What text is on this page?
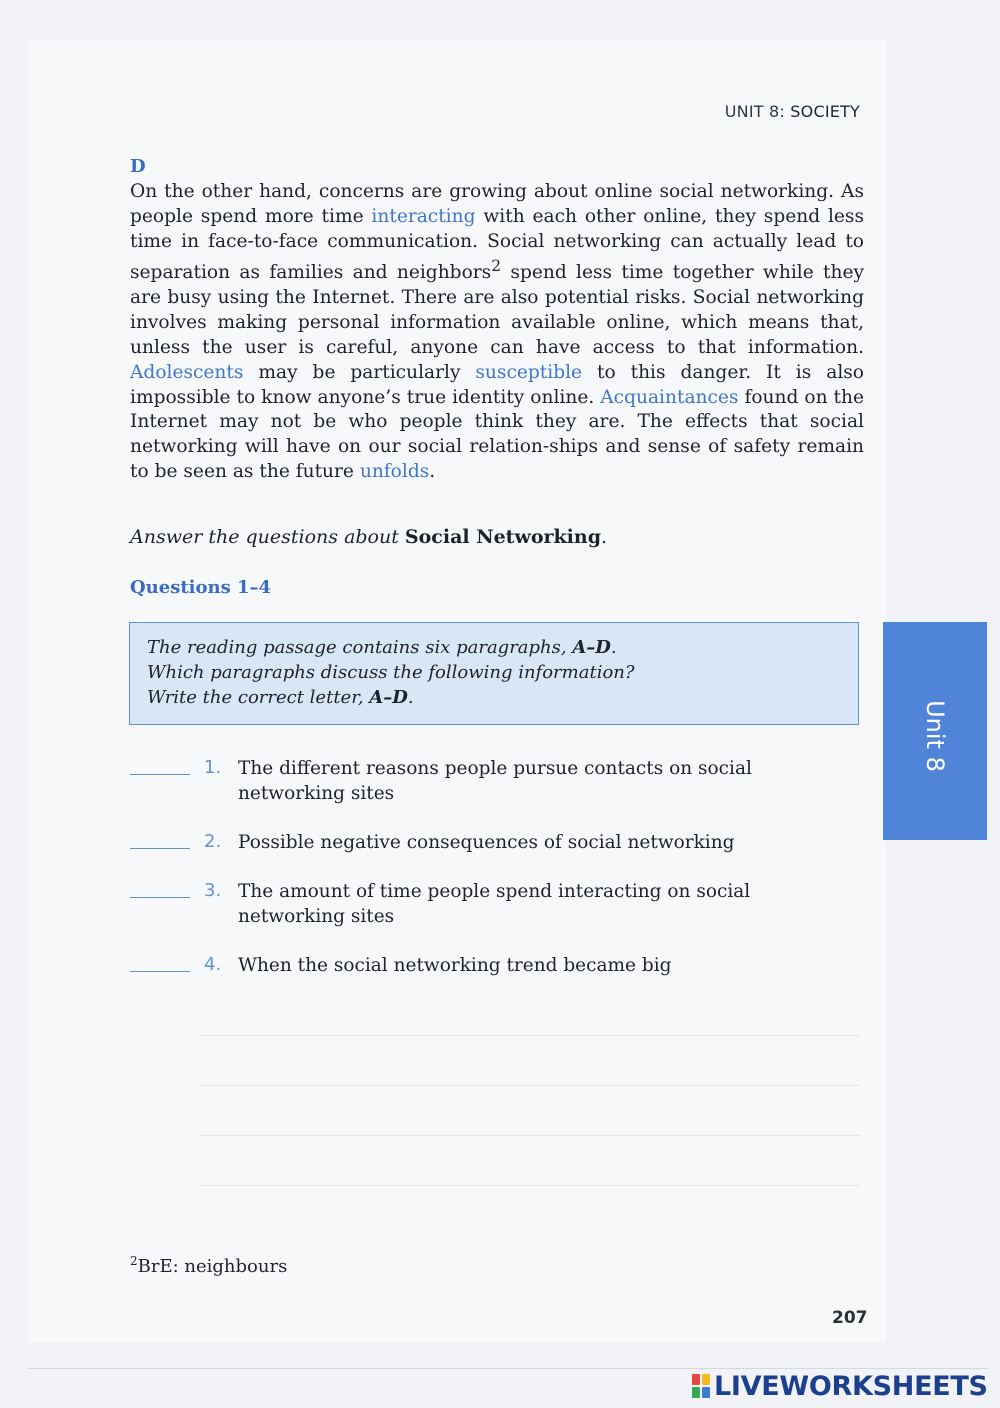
UNIT 8: SOCIETY
D
On the other hand, concerns are growing about online social networking. As people spend more time interacting with each other online, they spend less time in face-to-face communication. Social networking can actually lead to separation as families and neighbors$^2$ spend less time together while they are busy using the Internet. There are also potential risks. Social networking involves making personal information available online, which means that, unless the user is careful, anyone can have access to that information. Adolescents may be particularly susceptible to this danger. It is also impossible to know anyone’s true identity online. Acquaintances found on the Internet may not be who people think they are. The effects that social networking will have on our social relation-ships and sense of safety remain to be seen as the future unfolds.
Answer the questions about Social Networking.
Questions 1–4
The reading passage contains six paragraphs, A–D.
Which paragraphs discuss the following information?
Write the correct letter, A–D.
1. The different reasons people pursue contacts on social networking sites
2. Possible negative consequences of social networking
3. The amount of time people spend interacting on social networking sites
4. When the social networking trend became big
Unit 8
$^2$BrE: neighbours
207
LIVEWORKSHEETS
